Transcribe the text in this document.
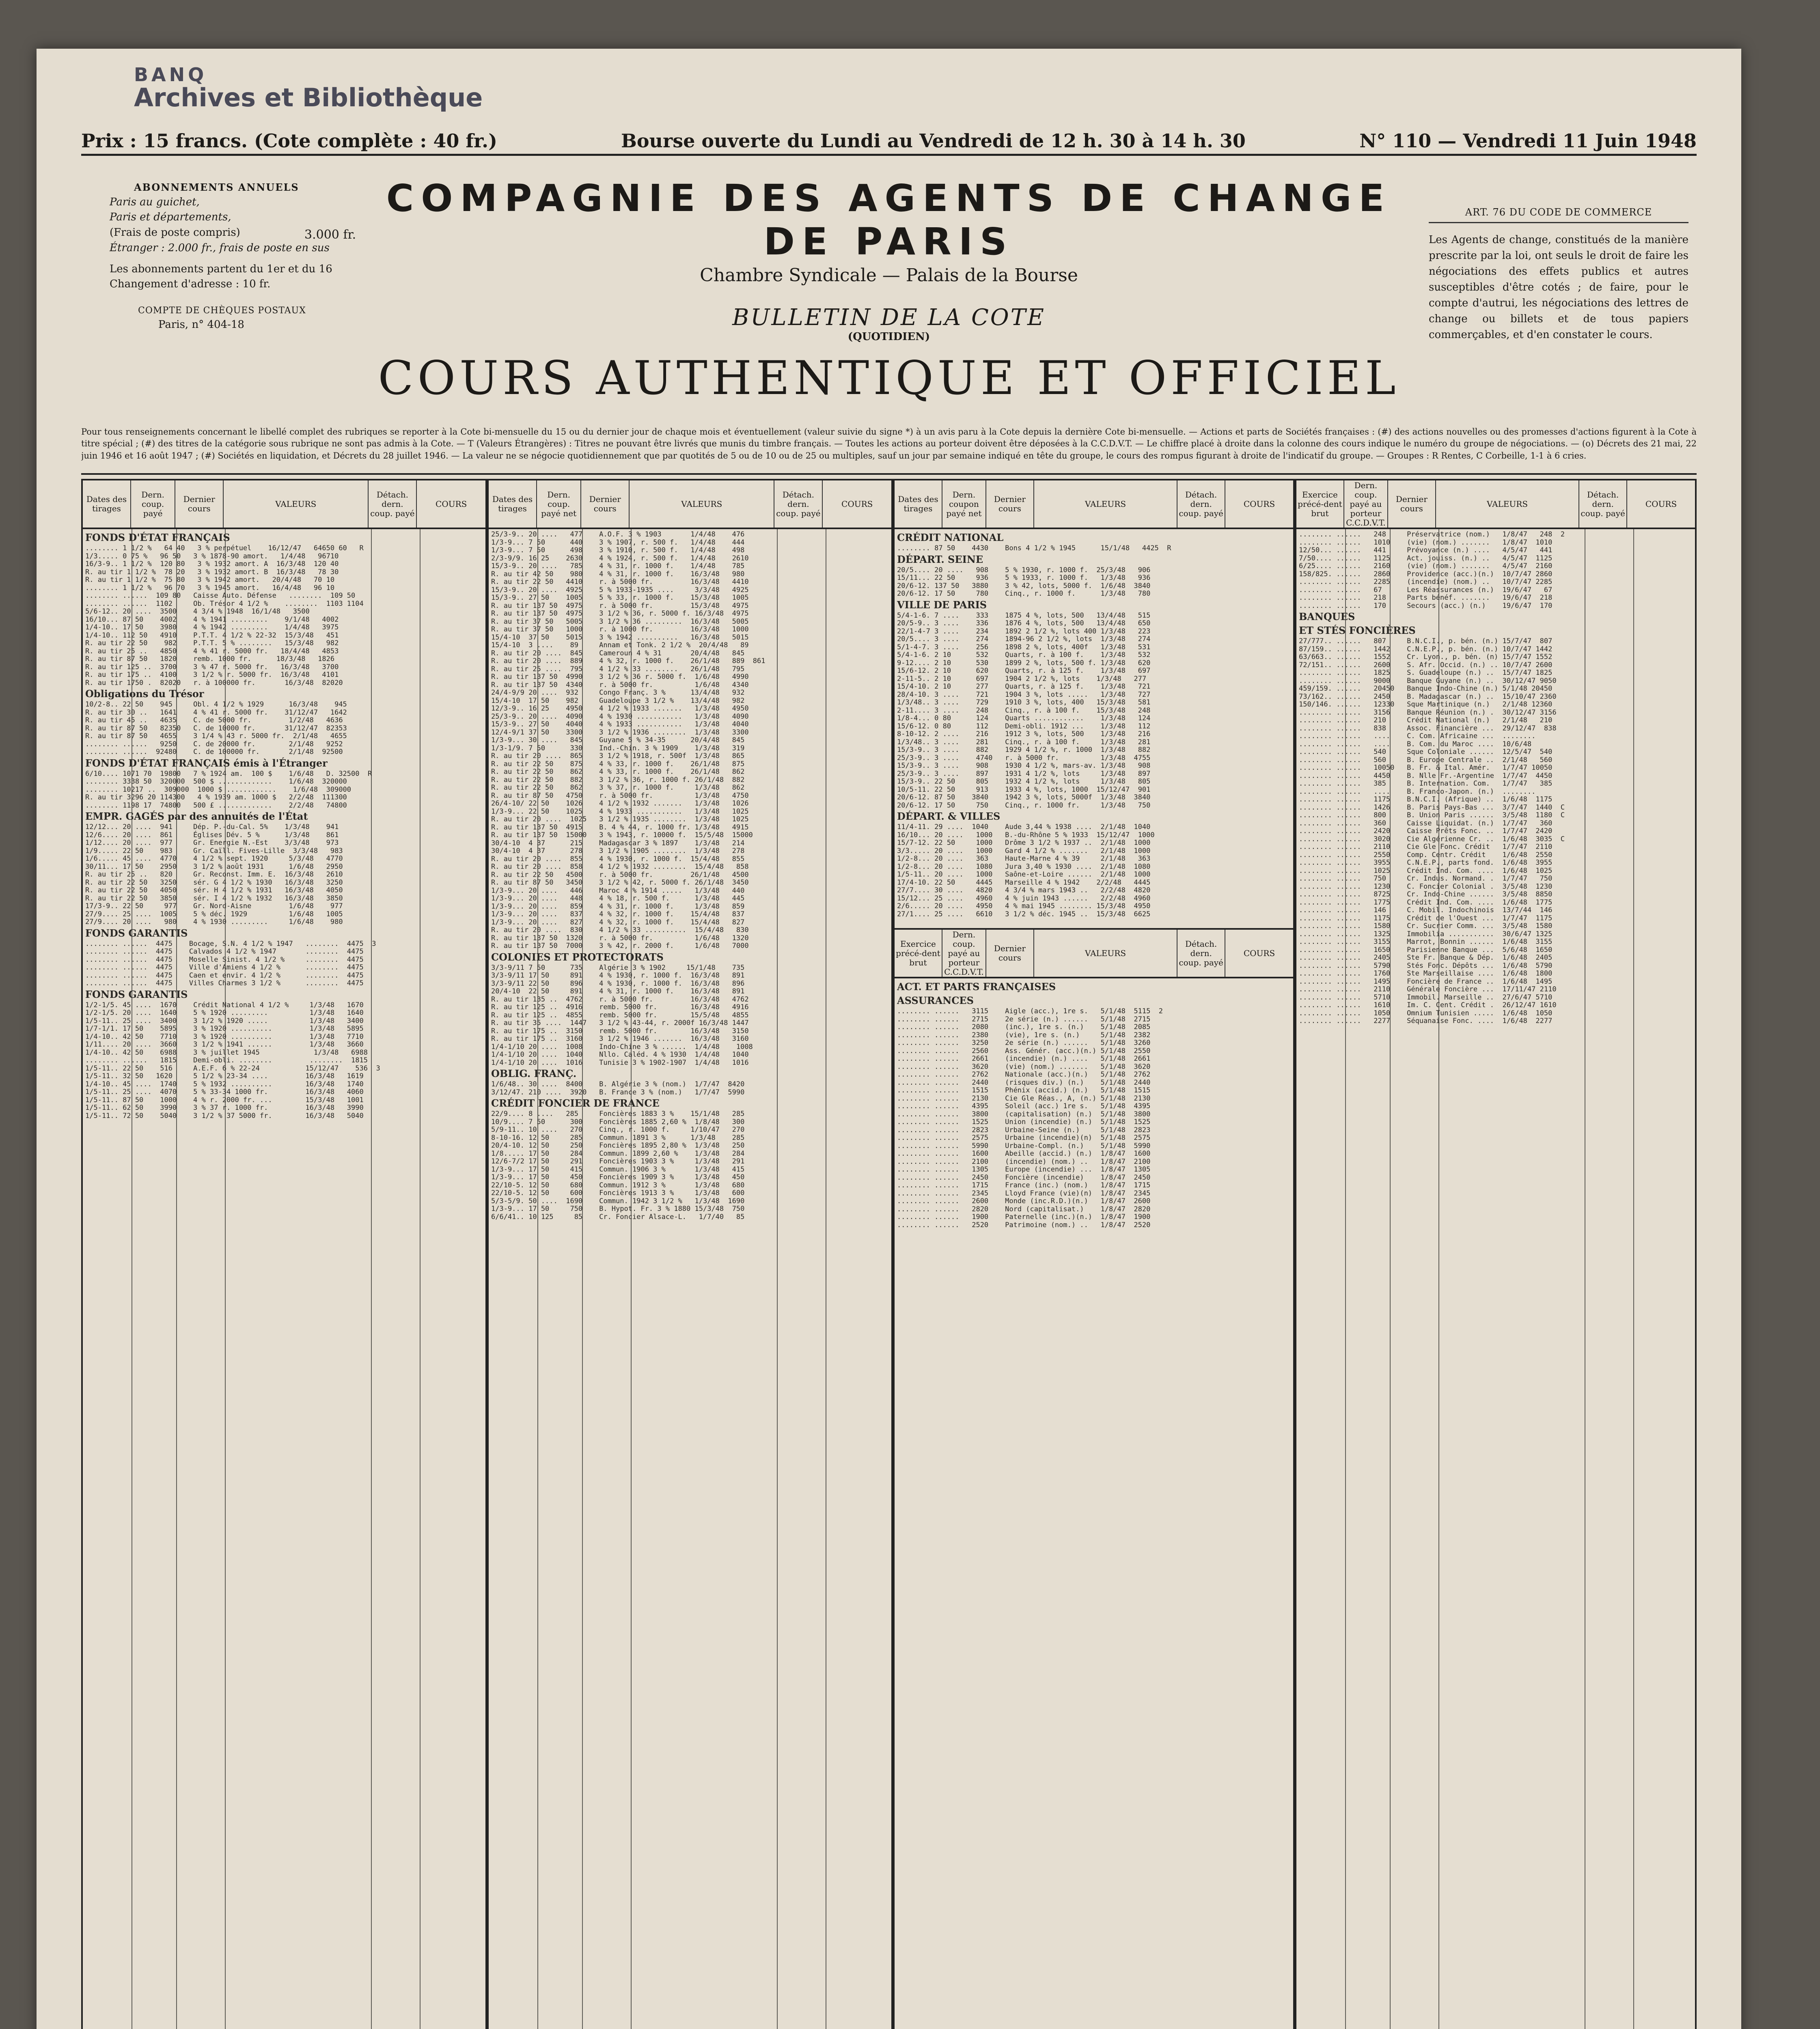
BANQ
Archives et Bibliothèque
Prix : 15 francs. (Cote complète : 40 fr.)	Bourse ouverte du Lundi au Vendredi de 12 h. 30 à 14 h. 30	N° 110 — Vendredi 11 Juin 1948
ABONNEMENTS ANNUELS
Paris au guichet,
Paris et départements,
(Frais de poste compris)	3.000 fr.
Étranger : 2.000 fr., frais de poste en sus
Les abonnements partent du 1er et du 16
Changement d'adresse : 10 fr.
COMPTE DE CHÈQUES POSTAUX
Paris, n° 404-18
COMPAGNIE DES AGENTS DE CHANGE DE PARIS
Chambre Syndicale — Palais de la Bourse
BULLETIN DE LA COTE
(QUOTIDIEN)
COURS AUTHENTIQUE ET OFFICIEL
ART. 76 DU CODE DE COMMERCE
Les Agents de change, constitués de la manière prescrite par la loi, ont seuls le droit de faire les négociations des effets publics et autres susceptibles d'être cotés ; de faire, pour le compte d'autrui, les négociations des lettres de change ou billets et de tous papiers commerçables, et d'en constater le cours.
Pour tous renseignements concernant le libellé complet des rubriques se reporter à la Cote bi-mensuelle du 15 ou du dernier jour de chaque mois et éventuellement (valeur suivie du signe *) à un avis paru à la Cote depuis la dernière Cote bi-mensuelle. — Actions et parts de Sociétés françaises : (#) des actions nouvelles ou des promesses d'actions figurent à la Cote à titre spécial ; (#) des titres de la catégorie sous rubrique ne sont pas admis à la Cote. — T (Valeurs Étrangères) : Titres ne pouvant être livrés que munis du timbre français. — Toutes les actions au porteur doivent être déposées à la C.C.D.V.T. — Le chiffre placé à droite dans la colonne des cours indique le numéro du groupe de négociations. — (o) Décrets des 21 mai, 22 juin 1946 et 16 août 1947 ; (#) Sociétés en liquidation, et Décrets du 28 juillet 1946. — La valeur ne se négocie quotidiennement que par quotités de 5 ou de 10 ou de 25 ou multiples, sauf un jour par semaine indiqué en tête du groupe, le cours des rompus figurant à droite de l'indicatif du groupe. — Groupes : R Rentes, C Corbeille, 1-1 à 6 cries.
Dates des tirages
Dern. coup. payé
Dernier cours	VALEURS
Détach. dern. coup. payé
COURS
FONDS D'ÉTAT FRANÇAIS
........ 1 1/2 %   64 40   3 % perpétuel    16/12/47   64650 60   R
1/3..... 0 75 %   96 50   3 % 1878-90 amort.   1/4/48   96710
16/3-9.. 1 1/2 %  120 80   3 % 1932 amort. A  16/3/48  120 40
R. au tir 1 1/2 %  78 20   3 % 1932 amort. B  16/3/48   78 30
R. au tir 1 1/2 %  75 80   3 % 1942 amort.   20/4/48   70 10
........ 1 1/2 %   96 70   3 % 1945 amort.   16/4/48   96 10
........ ......  109 80   Caisse Auto. Défense   ........  109 50
........ ......  1102     Ob. Trésor 4 1/2 %    ........  1103 1104
5/6-12.. 20 ....  3500    4 3/4 % 1948  16/1/48   3500
16/10... 87 50    4002    4 % 1941 .........    9/1/48   4002
1/4-10.. 17 50    3980    4 % 1942 .........    1/4/48   3975
1/4-10.. 112 50   4910    P.T.T. 4 1/2 % 22-32  15/3/48   451
R. au tir 22 50    982    P.T.T. 5 % ........   15/3/48   982
R. au tir 25 ..   4850    4 % 41 r. 5000 fr.   18/4/48   4853
R. au tir 87 50   1820    remb. 1000 fr.      18/3/48   1826
R. au tir 125 ..  3700    3 % 47 r. 5000 fr.   16/3/48   3700
R. au tir 175 ..  4100    3 1/2 % r. 5000 fr.  16/3/48   4101
R. au tir 1750 .  82020   r. à 100000 fr.       16/3/48  82020
Obligations du Trésor
10/2-8.. 22 50    945     Obl. 4 1/2 % 1929      16/3/48    945
R. au tir 30 ..   1641    4 % 41 r. 5000 fr.    31/12/47   1642
R. au tir 45 ..   4635    C. de 5000 fr.         1/2/48   4636
R. au tir 87 50   82350   C. de 10000 fr.       31/12/47  82353
R. au tir 87 50   4655    3 1/4 % 43 r. 5000 fr.  2/1/48   4655
........ ......   9250    C. de 20000 fr.        2/1/48   9252
........ ......  92480    C. de 100000 fr.       2/1/48  92500
FONDS D'ÉTAT FRANÇAIS émis à l'Étranger
6/10.... 1071 70  19800   7 % 1924 am.  100 $    1/6/48   D. 32500  R
........ 3338 50  320000  500 $ .............    1/6/48  320000
........ 10217 ..  309000  1000 $ ............    1/6/48  309000
R. au tir 3296 20 114300   4 % 1939 am. 1000 $   2/2/48  111300
........ 1198 17  74800   500 £ .............    2/2/48   74800
EMPR. GAGÉS par des annuités de l'État
12/12... 20 ....  941     Dép. P.-du-Cal. 5%    1/3/48    941
12/6.... 20 ....  861     Églises Dév. 5 %      1/3/48    861
1/12.... 20 ....  977     Gr. Energie N.-Est    3/3/48    973
1/9..... 22 50    983     Gr. Caïll. Fives-Lille  3/3/48   983
1/6..... 45 ....  4770    4 1/2 % sept. 1920     5/3/48   4770
30/11... 17 50    2950    3 1/2 % août 1931      1/6/48   2950
R. au tir 25 ..   820     Gr. Reconst. Imm. E.  16/3/48   2610
R. au tir 22 50   3250    sér. G 4 1/2 % 1930   16/3/48   3250
R. au tir 22 50   4050    sér. H 4 1/2 % 1931   16/3/48   4050
R. au tir 22 50   3850    sér. I 4 1/2 % 1932   16/3/48   3850
17/3-9.. 22 50     977    Gr. Nord-Aisne         1/6/48    977
27/9.... 25 ....  1005    5 % déc. 1929          1/6/48   1005
27/9.... 20 ....   980    4 % 1930 .........     1/6/48    980
FONDS GARANTIS
........ ......  4475    Bocage, S.N. 4 1/2 % 1947   ........  4475  3
........ ......  4475    Calvados 4 1/2 % 1947       ........  4475
........ ......  4475    Moselle Sinist. 4 1/2 %     ........  4475
........ ......  4475    Ville d'Amiens 4 1/2 %      ........  4475
........ ......  4475    Caen et envir. 4 1/2 %      ........  4475
........ ......  4475    Villes Charmes 3 1/2 %      ........  4475
FONDS GARANTIS
1/2-1/5. 45 ....  1670    Crédit National 4 1/2 %     1/3/48   1670
1/2-1/5. 20 ....  1640    5 % 1920 .........          1/3/48   1640
1/5-11.. 25 ....  3400    3 1/2 % 1920 .....          1/3/48   3400
1/7-1/1. 17 50    5895    3 % 1920 ..........         1/3/48   5895
1/4-10.. 42 50    7710    3 % 1920 ..........         1/3/48   7710
1/11.... 20 ....  3660    3 1/2 % 1941 ......         1/3/48   3660
1/4-10.. 42 50    6988    3 % juillet 1945             1/3/48   6988
........ ......   1815    Demi-obli. ........         ........  1815
1/5-11.. 22 50    516     A.E.F. 6 % 22-24           15/12/47    536  3
1/5-11.. 32 50   1620     5 1/2 % 23-34 ....         16/3/48   1619
1/4-10.. 45 ....  1740    5 % 1932 ..........        16/3/48   1740
1/5-11.. 25 ....  4070    5 % 33-34 1000 fr.         16/3/48   4060
1/5-11.. 87 50    1000    4 % r. 2000 fr. ...        15/3/48   1001
1/5-11.. 62 50    3990    3 % 37 r. 1000 fr.         16/3/48   3990
1/5-11.. 72 50    5040    3 1/2 % 37 5000 fr.        16/3/48   5040
Dates des tirages
Dern. coup. payé net
Dernier cours	VALEURS
Détach. dern. coup. payé
COURS
25/3-9.. 20 ....   477    A.O.F. 3 % 1903       1/4/48    476
1/3-9... 7 50      440    3 % 1907, r. 500 f.   1/4/48    444
1/3-9... 7 50      498    3 % 1910, r. 500 f.   1/4/48    498
2/3-9/9. 16 25    2630    4 % 1924, r. 500 f.   1/4/48    2610
15/3-9.. 20 ....   785    4 % 31, r. 1000 f.    1/4/48    785
R. au tir 42 50    980    4 % 31, r. 1000 f.    16/3/48   980
R. au tir 22 50   4410    r. à 5000 fr.         16/3/48   4410
15/3-9.. 20 ....  4925    5 % 1933-1935 ....     3/3/48   4925
15/3-9.. 27 50    1005    5 % 33, r. 1000 f.    15/3/48   1005
R. au tir 137 50  4975    r. à 5000 fr.         15/3/48   4975
R. au tir 137 50  4975    3 1/2 % 36, r. 5000 f. 16/3/48  4975
R. au tir 37 50   5005    3 1/2 % 36 .........  16/3/48   5005
R. au tir 37 50   1000    r. à 1000 fr.         16/3/48   1000
15/4-10  37 50    5015    3 % 1942 ..........   16/3/48   5015
15/4-10  3 ....    89     Annam et Tonk. 2 1/2 %  20/4/48   89
R. au tir 20 ....  845    Cameroun 4 % 31       20/4/48   845
R. au tir 20 ....  889    4 % 32, r. 1000 f.    26/1/48   889  861
R. au tir 25 ....  795    4 1/2 % 33 ........   26/1/48   795
R. au tir 137 50  4990    3 1/2 % 36 r. 5000 f.  1/6/48   4990
R. au tir 137 50  4340    r. à 5000 fr.          1/6/48   4340
24/4-9/9 20 ....  932     Congo Franç. 3 %      13/4/48   932
15/4-10  17 50    982     Guadeloupe 3 1/2 %    13/4/48   982
12/3-9.. 16 25    4950    4 1/2 % 1933 .......   1/3/48   4950
25/3-9.. 20 ....  4090    4 % 1930 ...........   1/3/48   4090
15/3-9.. 27 50    4040    4 % 1933 ...........   1/3/48   4040
12/4-9/1 37 50    3300    3 1/2 % 1936 ........  1/3/48   3300
1/3-9... 30 ....   845    Guyane 5 % 34-35      20/4/48   845
1/3-1/9. 7 50      330    Ind.-Chin. 3 % 1909    1/3/48   319
R. au tir 20 ....  865    3 1/2 % 1918, r. 500f  1/3/48   865
R. au tir 22 50    875    4 % 33, r. 1000 f.    26/1/48   875
R. au tir 22 50    862    4 % 33, r. 1000 f.    26/1/48   862
R. au tir 22 50    882    3 1/2 % 36, r. 1000 f. 26/1/48  882
R. au tir 22 50    862    3 % 37, r. 1000 f.     1/3/48   862
R. au tir 87 50   4750    r. à 5000 fr.          1/3/48   4750
26/4-10/ 22 50    1026    4 1/2 % 1932 .......   1/3/48   1026
1/3-9... 22 50    1025    4 % 1933 ...........   1/3/48   1025
R. au tir 20 ....  1025   3 1/2 % 1935 ........  1/3/48   1025
R. au tir 137 50  4915    B. 4 % 44, r. 1000 fr. 1/3/48   4915
R. au tir 137 50  15000   3 % 1943, r. 10000 f.  15/5/48  15000
30/4-10  4 37      215    Madagascar 3 % 1897    1/3/48   214
30/4-10  4 37      278    3 1/2 % 1905 ........  1/3/48   278
R. au tir 20 ....  855    4 % 1930, r. 1000 f.  15/4/48   855
R. au tir 20 ....  858    4 1/2 % 1932 ........  15/4/48   858
R. au tir 22 50   4500    r. à 5000 fr.         26/1/48   4500
R. au tir 87 50   3450    3 1/2 % 42, r. 5000 f. 26/1/48  3450
1/3-9... 20 ....   446    Maroc 4 % 1914 .....   1/3/48   440
1/3-9... 20 ....   448    4 % 18, r. 500 f.      1/3/48   445
1/3-9... 20 ....   859    4 % 31, r. 1000 f.     1/3/48   859
1/3-9... 20 ....   837    4 % 32, r. 1000 f.    15/4/48   837
1/3-9... 20 ....   827    4 % 32, r. 1000 f.    15/4/48   827
R. au tir 20 ....  830    4 1/2 % 33 ..........  15/4/48   830
R. au tir 137 50  1320    r. à 5000 fr.          1/6/48   1320
R. au tir 137 50  7000    3 % 42, r. 2000 f.     1/6/48   7000
COLONIES ET PROTECTORATS
3/3-9/11 7 50      735    Algérie 3 % 1902     15/1/48    735
3/3-9/11 17 50     891    4 % 1930, r. 1000 f.  16/3/48   891
3/3-9/11 22 50     896    4 % 1930, r. 1000 f.  16/3/48   896
20/4-10  22 50     891    4 % 31, r. 1000 f.    16/3/48   891
R. au tir 135 ..  4762    r. à 5000 fr.         16/3/48   4762
R. au tir 125 ..  4916    remb. 5000 fr.        16/3/48   4916
R. au tir 125 ..  4855    remb. 5000 fr.        15/5/48   4855
R. au tir 35 ....  1447   3 1/2 % 43-44, r. 2000f 16/3/48 1447
R. au tir 175 ..  3150    remb. 5000 fr.        16/3/48   3150
R. au tir 175 ..  3160    3 1/2 % 1946 .......  16/3/48   3160
1/4-1/10 20 ....  1008    Indo-Chine 3 % ......  1/4/48    1008
1/4-1/10 20 ....  1040    Nllo. Caléd. 4 % 1930  1/4/48   1040
1/4-1/10 20 ....  1016    Tunisie 3 % 1902-1907  1/4/48   1016
OBLIG. FRANÇ.
1/6/48.. 30 ....  8400    B. Algérie 3 % (nom.)  1/7/47  8420
3/12/47. 210 ....  3920   B. France 3 % (nom.)   1/7/47  5990
CRÉDIT FONCIER DE FRANCE
22/9.... 8 ....   285     Foncières 1883 3 %    15/1/48   285
10/9.... 7 50      300    Foncières 1885 2,60 %  1/8/48   300
5/9-11.. 10 ....   270    Cinq., r. 1000 f.     1/10/47   270
8-10-16. 12 50     285    Commun. 1891 3 %      1/3/48    285
20/4-10. 12 50     250    Foncières 1895 2,80 %  1/3/48   250
1/8..... 17 50     284    Commun. 1899 2,60 %    1/3/48   284
12/6-7/2 17 50     291    Foncières 1903 3 %     1/3/48   291
1/3-9... 17 50     415    Commun. 1906 3 %       1/3/48   415
1/3-9... 17 50     450    Foncières 1909 3 %     1/3/48   450
22/10-5. 12 50     680    Commun. 1912 3 %       1/3/48   680
22/10-5. 12 50     600    Foncières 1913 3 %     1/3/48   600
5/3-5/9. 50 ....  1690    Commun. 1942 3 1/2 %   1/3/48  1690
1/3-9... 17 50     750    B. Hypot. Fr. 3 % 1880 15/3/48  750
6/6/41.. 10 125     85    Cr. Foncier Alsace-L.   1/7/40   85
Dates des tirages
Dern. coupon payé net
Dernier cours	VALEURS
Détach. dern. coup. payé
COURS
CRÉDIT NATIONAL
........ 87 50    4430    Bons 4 1/2 % 1945      15/1/48   4425  R
DÉPART. SEINE
20/5.... 20 ....   908    5 % 1930, r. 1000 f.  25/3/48   906
15/11... 22 50     936    5 % 1933, r. 1000 f.   1/3/48   936
20/6-12. 137 50   3880    3 % 42, lots, 5000 f.  1/6/48  3840
20/6-12. 17 50     780    Cinq., r. 1000 f.      1/3/48   780
VILLE DE PARIS
5/4-1-6. 7 ....    333    1875 4 %, lots, 500   13/4/48   515
20/5-9.. 3 ....    336    1876 4 %, lots, 500   13/4/48   650
22/1-4-7 3 ....    234    1892 2 1/2 %, lots 400 1/3/48   223
20/5.... 3 ....    274    1894-96 2 1/2 %, lots  1/3/48   274
5/1-4-7. 3 ....    256    1898 2 %, lots, 400f   1/3/48   531
5/4-1-6. 2 10      532    Quarts, r. à 100 f.    1/3/48   532
9-12.... 2 10      530    1899 2 %, lots, 500 f. 1/3/48   620
15/6-12. 2 10      620    Quarts, r. à 125 f.    1/3/48   697
2-11-5.. 2 10      697    1904 2 1/2 %, lots    1/3/48   277
15/4-10. 2 10      277    Quarts, r. à 125 f.    1/3/48   721
28/4-10. 3 ....    721    1904 3 %, lots .....   1/3/48   727
1/3/48.. 3 ....    729    1910 3 %, lots, 400   15/3/48   581
2-11.... 3 ....    248    Cinq., r. à 100 f.    15/3/48   248
1/8-4... 0 80      124    Quarts ............    1/3/48   124
15/6-12. 0 80      112    Demi-obli. 1912 ...    1/3/48   112
8-10-12. 2 ....    216    1912 3 %, lots, 500    1/3/48   216
1/3/48.. 3 ....    281    Cinq., r. à 100 f.     1/3/48   281
15/3-9.. 3 ....    882    1929 4 1/2 %, r. 1000  1/3/48   882
25/3-9.. 3 ....    4740   r. à 5000 fr.          1/3/48  4755
15/3-9.. 3 ....    908    1930 4 1/2 %, mars-av. 1/3/48   908
25/3-9.. 3 ....    897    1931 4 1/2 %, lots     1/3/48   897
15/3-9.. 22 50     805    1932 4 1/2 %, lots     1/3/48   805
10/5-11. 22 50     913    1933 4 %, lots, 1000  15/12/47  901
20/6-12. 87 50    3840    1942 3 %, lots, 5000f  1/3/48  3840
20/6-12. 17 50     750    Cinq., r. 1000 fr.     1/3/48   750
DÉPART. & VILLES
11/4-11. 29 ....  1040    Aude 3,44 % 1938 ....  2/1/48  1040
16/10... 20 ....   1000   B.-du-Rhône 5 % 1933  15/12/47  1000
15/7-12. 22 50     1000   Drôme 3 1/2 % 1937 ..  2/1/48  1000
3/3..... 20 ....   1000   Gard 4 1/2 % .......   2/1/48  1000
1/2-8... 20 ....   363    Haute-Marne 4 % 39     2/1/48   363
1/2-8... 20 ....   1080   Jura 3,40 % 1930 ....  2/1/48  1080
1/5-11.. 20 ....   1000   Saône-et-Loire ......  2/1/48  1000
17/4-10. 22 50     4445   Marseille 4 % 1942    2/2/48   4445
27/7.... 30 ....   4820   4 3/4 % mars 1943 ..   2/2/48  4820
15/12... 25 ....   4960   4 % juin 1943 ......   2/2/48  4960
2/6..... 20 ....   4950   4 % mai 1945 ........ 15/3/48  4950
27/1.... 25 ....   6610   3 1/2 % déc. 1945 ..  15/3/48  6625
Exercice précé-dent brut
Dern. coup. payé au porteur C.C.D.V.T.
Dernier cours	VALEURS
Détach. dern. coup. payé
COURS
ACT. ET PARTS FRANÇAISES
ASSURANCES
........ ......   3115    Aigle (acc.), 1re s.   5/1/48  5115  2
........ ......   2715    2e série (n.) ......   5/1/48  2715
........ ......   2080    (inc.), 1re s. (n.)    5/1/48  2085
........ ......   2380    (vie), 1re s. (n.)     5/1/48  2382
........ ......   3250    2e série (n.) ......   5/1/48  3260
........ ......   2560    Ass. Génér. (acc.)(n.) 5/1/48  2550
........ ......   2661    (incendie) (n.) ....   5/1/48  2661
........ ......   3620    (vie) (nom.) .......   5/1/48  3620
........ ......   2762    Nationale (acc.)(n.)   5/1/48  2762
........ ......   2440    (risques div.) (n.)    5/1/48  2440
........ ......   1515    Phénix (accid.) (n.)   5/1/48  1515
........ ......   2130    Cie Gle Réas., A, (n.) 5/1/48  2130
........ ......   4395    Soleil (acc.) 1re s.   5/1/48  4395
........ ......   3800    (capitalisation) (n.)  5/1/48  3800
........ ......   1525    Union (incendie) (n.)  5/1/48  1525
........ ......   2823    Urbaine-Seine (n.)     5/1/48  2823
........ ......   2575    Urbaine (incendie)(n)  5/1/48  2575
........ ......   5990    Urbaine-Compl. (n.)    5/1/48  5990
........ ......   1600    Abeille (accid.) (n.)  1/8/47  1600
........ ......   2100    (incendie) (nom.) ..   1/8/47  2100
........ ......   1305    Europe (incendie) ...  1/8/47  1305
........ ......   2450    Foncière (incendie)    1/8/47  2450
........ ......   1715    France (inc.) (nom.)   1/8/47  1715
........ ......   2345    Lloyd France (vie)(n)  1/8/47  2345
........ ......   2600    Monde (inc.R.D.)(n.)   1/8/47  2600
........ ......   2820    Nord (capitalisat.)    1/8/47  2820
........ ......   1900    Paternelle (inc.)(n.)  1/8/47  1900
........ ......   2520    Patrimoine (nom.) ..   1/8/47  2520
Exercice précé-dent brut
Dern. coup. payé au porteur C.C.D.V.T.
Dernier cours	VALEURS
Détach. dern. coup. payé
COURS
........ ......   248     Préservatrice (nom.)   1/8/47   248  2
........ ......   1010    (vie) (nom.) .......   1/8/47  1010
12/50... ......   441     Prévoyance (n.) ....   4/5/47   441
7/50.... ......   1125    Act. jouiss. (n.) ..   4/5/47  1125
6/25.... ......   2160    (vie) (nom.) .......   4/5/47  2160
158/825. ......   2860    Providence (acc.)(n.)  10/7/47 2860
........ ......   2285    (incendie) (nom.) ..   10/7/47 2285
........ ......   67      Les Réassurances (n.)  19/6/47   67
........ ......   218     Parts bénéf. .......   19/6/47  218
........ ......   170     Secours (acc.) (n.)    19/6/47  170
BANQUES
ET STÉS FONCIÈRES
27/777.. ......   807     B.N.C.I., p. bén. (n.) 15/7/47  807
87/159.. ......   1442    C.N.E.P., p. bén. (n.) 10/7/47 1442
63/663.. ......   1552    Cr. Lyon., p. bén. (n) 15/7/47 1552
72/151.. ......   2600    S. Afr. Occid. (n.) .. 10/7/47 2600
........ ......   1825    S. Guadeloupe (n.) ..  15/7/47 1825
........ ......   9000    Banque Guyane (n.) ..  30/12/47 9050
459/159. ......   20450   Banque Indo-Chine (n.) 5/1/48 20450
73/162.. ......   2450    B. Madagascar (n.) ..  15/10/47 2360
150/146. ......   12330   Sque Martinique (n.)   2/1/48 12360
........ ......   3156    Banque Réunion (n.) .  30/12/47 3156
........ ......   210     Crédit National (n.)   2/1/48   210
........ ......   838     Assoc. Financière ...  29/12/47  838
........ ......   ....    C. Com. Africaine ...  ........
........ ......   ....    B. Com. du Maroc ....  10/6/48
........ ......   540     Sque Coloniale ......  12/5/47  540
........ ......   560     B. Europe Centrale ..  2/1/48   560
........ ......   10050   B. Fr. & Ital. Amér.   1/7/47 10050
........ ......   4450    B. Nlle Fr.-Argentine  1/7/47  4450
........ ......   385     B. Internation. Com.   1/7/47   385
........ ......   ....    B. Franco-Japon. (n.)  ........
........ ......   1175    B.N.C.I. (Afrique) ..  1/6/48  1175
........ ......   1426    B. Paris Pays-Bas ...  3/7/47  1440  C
........ ......   800     B. Union Paris ......  3/5/48  1180  C
........ ......   360     Caisse Liquidat. (n.)  1/7/47   360
........ ......   2420    Caisse Prêts Fonc. ..  1/7/47  2420
........ ......   3020    Cie Algérienne Cr. ..  1/6/48  3035  C
........ ......   2110    Cie Gle Fonc. Crédit   1/7/47  2110
........ ......   2550    Comp. Centr. Crédit    1/6/48  2550
........ ......   3955    C.N.E.P., parts fond.  1/6/48  3955
........ ......   1025    Crédit Ind. Com. ....  1/6/48  1025
........ ......   750     Cr. Indus. Normand. .  1/7/47   750
........ ......   1230    C. Foncier Colonial .  3/5/48  1230
........ ......   8725    Cr. Indo-Chine ......  3/5/48  8850
........ ......   1775    Crédit Ind. Com. ....  1/6/48  1775
........ ......   146     C. Mobil. Indochinois  13/7/44  146
........ ......   1175    Crédit de l'Ouest ...  1/7/47  1175
........ ......   1580    Cr. Sucrier Comm. ...  3/5/48  1580
........ ......   1325    Immobilia ...........  30/6/47 1325
........ ......   3155    Marrot, Bonnin ......  1/6/48  3155
........ ......   1650    Parisienne Banque ...  5/6/48  1650
........ ......   2405    Ste Fr. Banque & Dép.  1/6/48  2405
........ ......   5790    Stés Fonc. Dépôts ...  1/6/48  5790
........ ......   1760    Ste Marseillaise ....  1/6/48  1800
........ ......   1495    Foncière de France ..  1/6/48  1495
........ ......   2110    Générale Foncière ...  17/11/47 2110
........ ......   5710    Immobil. Marseille ..  27/6/47 5710
........ ......   1610    Im. C. Cent. Crédit .  26/12/47 1610
........ ......   1050    Omnium Tunisien .....  1/6/48  1050
........ ......   2277    Séquanaise Fonc. ....  1/6/48  2277
